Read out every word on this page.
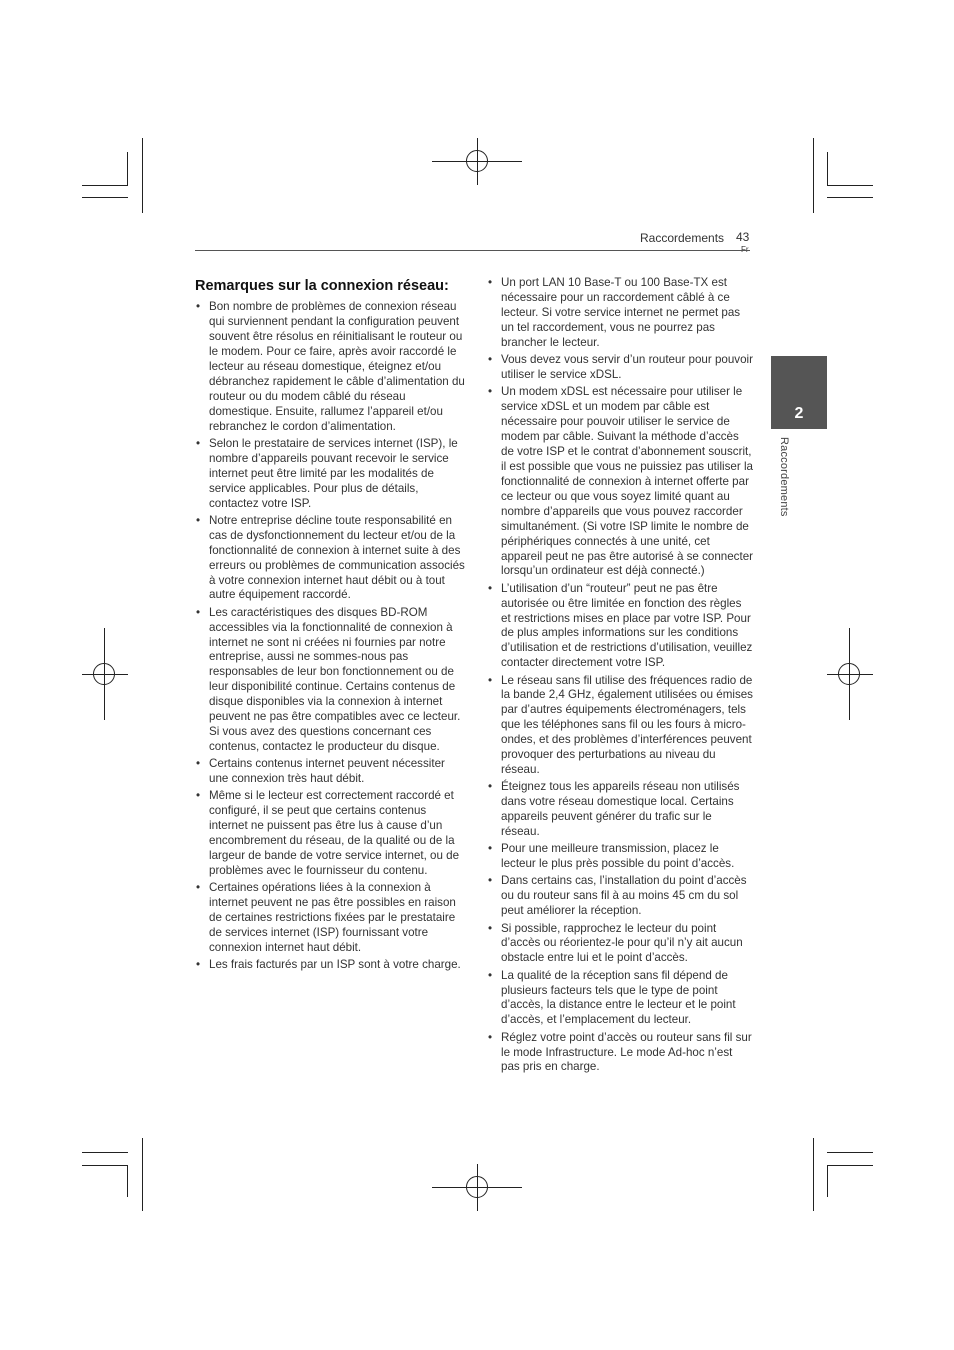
Raccordements 43
2
Raccordements
Remarques sur la connexion réseau:
• Bon nombre de problèmes de connexion réseau qui surviennent pendant la configuration peuvent souvent être résolus en réinitialisant le routeur ou le modem. Pour ce faire, après avoir raccordé le lecteur au réseau domestique, éteignez et/ou débranchez rapidement le câble d’alimentation du routeur ou du modem câblé du réseau domestique. Ensuite, rallumez l’appareil et/ou rebranchez le cordon d’alimentation.
• Selon le prestataire de services internet (ISP), le nombre d’appareils pouvant recevoir le service internet peut être limité par les modalités de service applicables. Pour plus de détails, contactez votre ISP.
• Notre entreprise décline toute responsabilité en cas de dysfonctionnement du lecteur et/ou de la fonctionnalité de connexion à internet suite à des erreurs ou problèmes de communication associés à votre connexion internet haut débit ou à tout autre équipement raccordé.
• Les caractéristiques des disques BD-ROM accessibles via la fonctionnalité de connexion à internet ne sont ni créées ni fournies par notre entreprise, aussi ne sommes-nous pas responsables de leur bon fonctionnement ou de leur disponibilité continue. Certains contenus de disque disponibles via la connexion à internet peuvent ne pas être compatibles avec ce lecteur. Si vous avez des questions concernant ces contenus, contactez le producteur du disque.
• Certains contenus internet peuvent nécessiter une connexion très haut débit.
• Même si le lecteur est correctement raccordé et configuré, il se peut que certains contenus internet ne puissent pas être lus à cause d’un encombrement du réseau, de la qualité ou de la largeur de bande de votre service internet, ou de problèmes avec le fournisseur du contenu.
• Certaines opérations liées à la connexion à internet peuvent ne pas être possibles en raison de certaines restrictions fixées par le prestataire de services internet (ISP) fournissant votre connexion internet haut débit.
• Les frais facturés par un ISP sont à votre charge.
• Un port LAN 10 Base-T ou 100 Base-TX est nécessaire pour un raccordement câblé à ce lecteur. Si votre service internet ne permet pas un tel raccordement, vous ne pourrez pas brancher le lecteur.
• Vous devez vous servir d’un routeur pour pouvoir utiliser le service xDSL.
• Un modem xDSL est nécessaire pour utiliser le service xDSL et un modem par câble est nécessaire pour pouvoir utiliser le service de modem par câble. Suivant la méthode d’accès de votre ISP et le contrat d’abonnement souscrit, il est possible que vous ne puissiez pas utiliser la fonctionnalité de connexion à internet offerte par ce lecteur ou que vous soyez limité quant au nombre d’appareils que vous pouvez raccorder simultanément. (Si votre ISP limite le nombre de périphériques connectés à une unité, cet appareil peut ne pas être autorisé à se connecter lorsqu’un ordinateur est déjà connecté.)
• L’utilisation d’un “routeur” peut ne pas être autorisée ou être limitée en fonction des règles et restrictions mises en place par votre ISP. Pour de plus amples informations sur les conditions d’utilisation et de restrictions d’utilisation, veuillez contacter directement votre ISP.
• Le réseau sans fil utilise des fréquences radio de la bande 2,4 GHz, également utilisées ou émises par d’autres équipements électroménagers, tels que les téléphones sans fil ou les fours à micro-ondes, et des problèmes d’interférences peuvent provoquer des perturbations au niveau du réseau.
• Éteignez tous les appareils réseau non utilisés dans votre réseau domestique local. Certains appareils peuvent générer du trafic sur le réseau.
• Pour une meilleure transmission, placez le lecteur le plus près possible du point d’accès.
• Dans certains cas, l’installation du point d’accès ou du routeur sans fil à au moins 45 cm du sol peut améliorer la réception.
• Si possible, rapprochez le lecteur du point d’accès ou réorientez-le pour qu’il n’y ait aucun obstacle entre lui et le point d’accès.
• La qualité de la réception sans fil dépend de plusieurs facteurs tels que le type de point d’accès, la distance entre le lecteur et le point d’accès, et l’emplacement du lecteur.
• Réglez votre point d’accès ou routeur sans fil sur le mode Infrastructure. Le mode Ad-hoc n’est pas pris en charge.
